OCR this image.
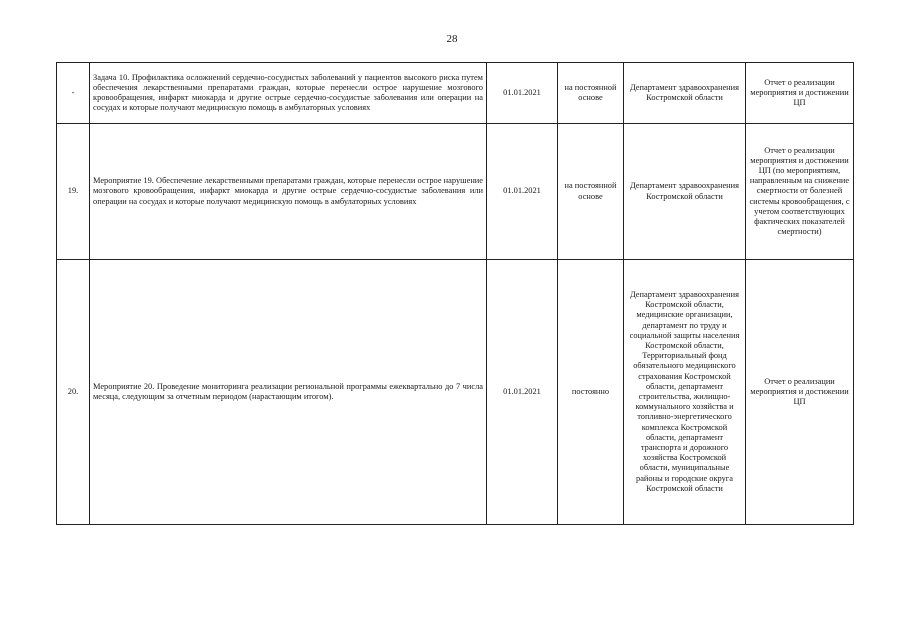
28
-	Задача 10. Профилактика осложнений сердечно-сосудистых заболеваний у пациентов высокого риска путем обеспечения лекарственными препаратами граждан, которые перенесли острое нарушение мозгового кровообращения, инфаркт миокарда и другие острые сердечно-сосудистые заболевания или операции на сосудах и которые получают медицинскую помощь в амбулаторных условиях	01.01.2021	на постоянной основе	Департамент здравоохранения Костромской области	Отчет о реализации мероприятия и достижении ЦП
19.	Мероприятие 19. Обеспечение лекарственными препаратами граждан, которые перенесли острое нарушение мозгового кровообращения, инфаркт миокарда и другие острые сердечно-сосудистые заболевания или операции на сосудах и которые получают медицинскую помощь в амбулаторных условиях	01.01.2021	на постоянной основе	Департамент здравоохранения Костромской области	Отчет о реализации мероприятия и достижении ЦП (по мероприятиям, направленным на снижение смертности от болезней системы кровообращения, с учетом соответствующих фактических показателей смертности)
20.	Мероприятие 20. Проведение мониторинга реализации региональной программы ежеквартально до 7 числа месяца, следующим за отчетным периодом (нарастающим итогом).	01.01.2021	постоянно	Департамент здравоохранения Костромской области, медицинские организации, департамент по труду и социальной защиты населения Костромской области, Территориальный фонд обязательного медицинского страхования Костромской области, департамент строительства, жилищно-коммунального хозяйства и топливно-энергетического комплекса Костромской области, департамент транспорта и дорожного хозяйства Костромской области, муниципальные районы и городские округа Костромской области	Отчет о реализации мероприятия и достижении ЦП
